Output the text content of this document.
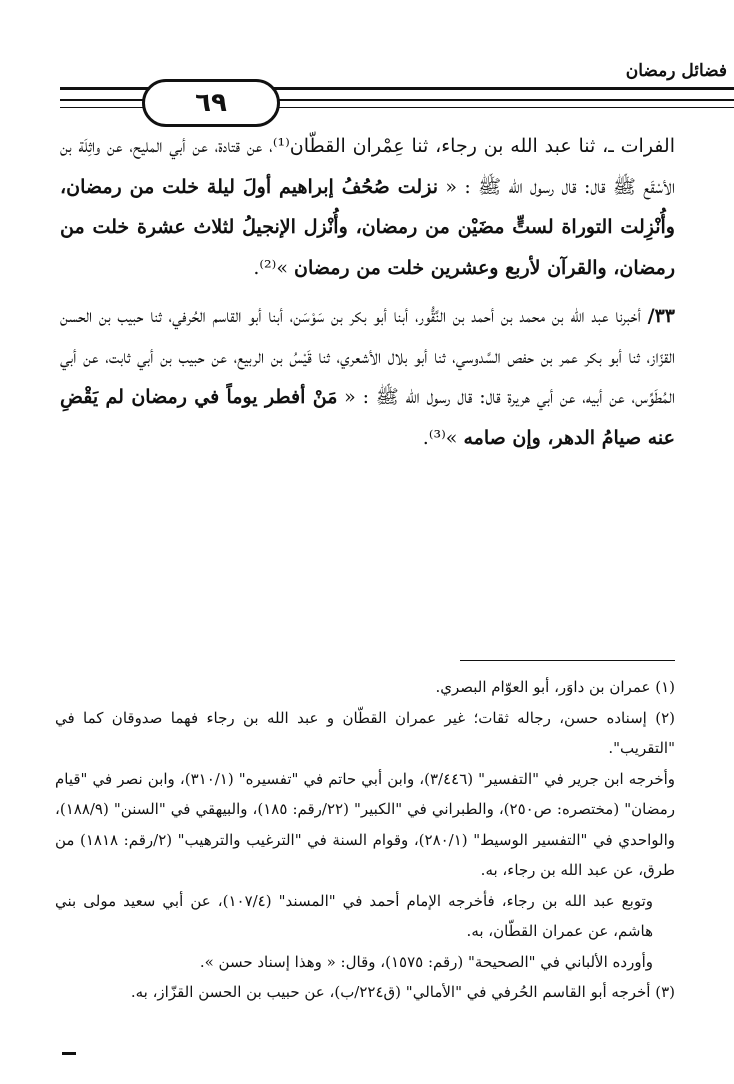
فضائل رمضان
٦٩

الفرات ـ، ثنا عبد الله بن رجاء، ثنا عِمْران القطّان⁽¹⁾، عن قتادة، عن أبي المليح، عن واثِلَة بن الأسْقَع ﷺ قال: قال رسول الله ﷺ : « نزلت صُحُفُ إبراهيم أولَ ليلة خلت من رمضان، وأُنْزِلت التوراة لستٍّ مضَيْن من رمضان، وأُنْزل الإنجيلُ لثلاث عشرة خلت من رمضان، والقرآن لأربع وعشرين خلت من رمضان »⁽²⁾.

٣٣/ أخبرنا عبد الله بن محمد بن أحمد بن النَّقُّور، أبنا أبو بكر بن سَوْسَن، أبنا أبو القاسم الحُرفي، ثنا حبيب بن الحسن القزّاز، ثنا أبو بكر عمر بن حفص السَّدوسي، ثنا أبو بلال الأشعري، ثنا قَيْسُ بن الربيع، عن حبيب بن أبي ثابت، عن أبي المُطَوِّس، عن أبيه، عن أبي هريرة قال: قال رسول الله ﷺ : « مَنْ أفطر يوماً في رمضان لم يَقْضِ عنه صيامُ الدهر، وإن صامه »⁽³⁾.

(١) عمران بن داوَر، أبو العوّام البصري.

(٢) إسناده حسن، رجاله ثقات؛ غير عمران القطّان و عبد الله بن رجاء فهما صدوقان كما في "التقريب".

وأخرجه ابن جرير في "التفسير" (٣/٤٤٦)، وابن أبي حاتم في "تفسيره" (٣١٠/١)، وابن نصر في "قيام رمضان" (مختصره: ص٢٥٠)، والطبراني في "الكبير" (٢٢/رقم: ١٨٥)، والبيهقي في "السنن" (١٨٨/٩)، والواحدي في "التفسير الوسيط" (٢٨٠/١)، وقوام السنة في "الترغيب والترهيب" (٢/رقم: ١٨١٨) من طرق، عن عبد الله بن رجاء، به.

وتوبع عبد الله بن رجاء، فأخرجه الإمام أحمد في "المسند" (١٠٧/٤)، عن أبي سعيد مولى بني هاشم، عن عمران القطّان، به.

وأورده الألباني في "الصحيحة" (رقم: ١٥٧٥)، وقال: « وهذا إسناد حسن ».

(٣) أخرجه أبو القاسم الحُرفي في "الأمالي" (ق٢٢٤/ب)، عن حبيب بن الحسن القزّاز، به.
